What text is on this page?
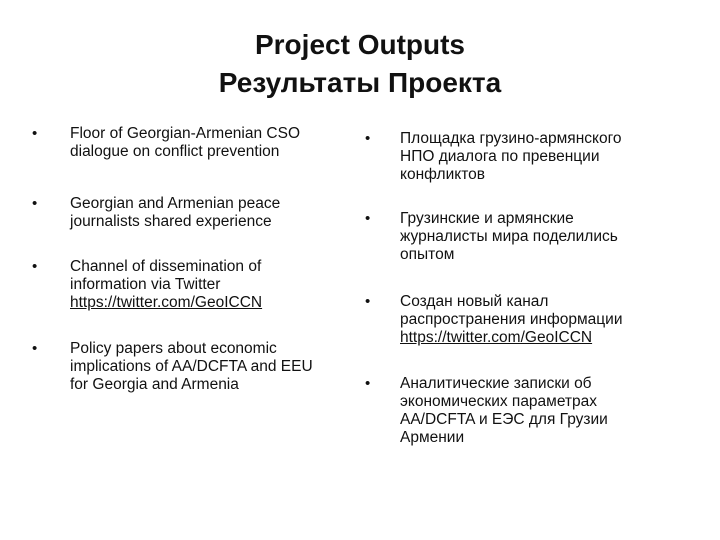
Project Outputs
Результаты Проекта
•	Floor of Georgian-Armenian CSO
dialogue on conflict prevention
•	Georgian and Armenian peace
journalists shared experience
•	Channel of dissemination of
information via Twitter
https://twitter.com/GeoICCN
•	Policy papers about economic
implications of AA/DCFTA and EEU
for Georgia and Armenia
•	Площадка грузино-армянского
НПО диалога по превенции
конфликтов
•	Грузинские и армянские
журналисты мира поделились
опытом
•	Создан новый канал
распространения информации
https://twitter.com/GeoICCN
•	Аналитические записки об
экономических параметрах
AA/DCFTA и ЕЭС для Грузии
Армении
